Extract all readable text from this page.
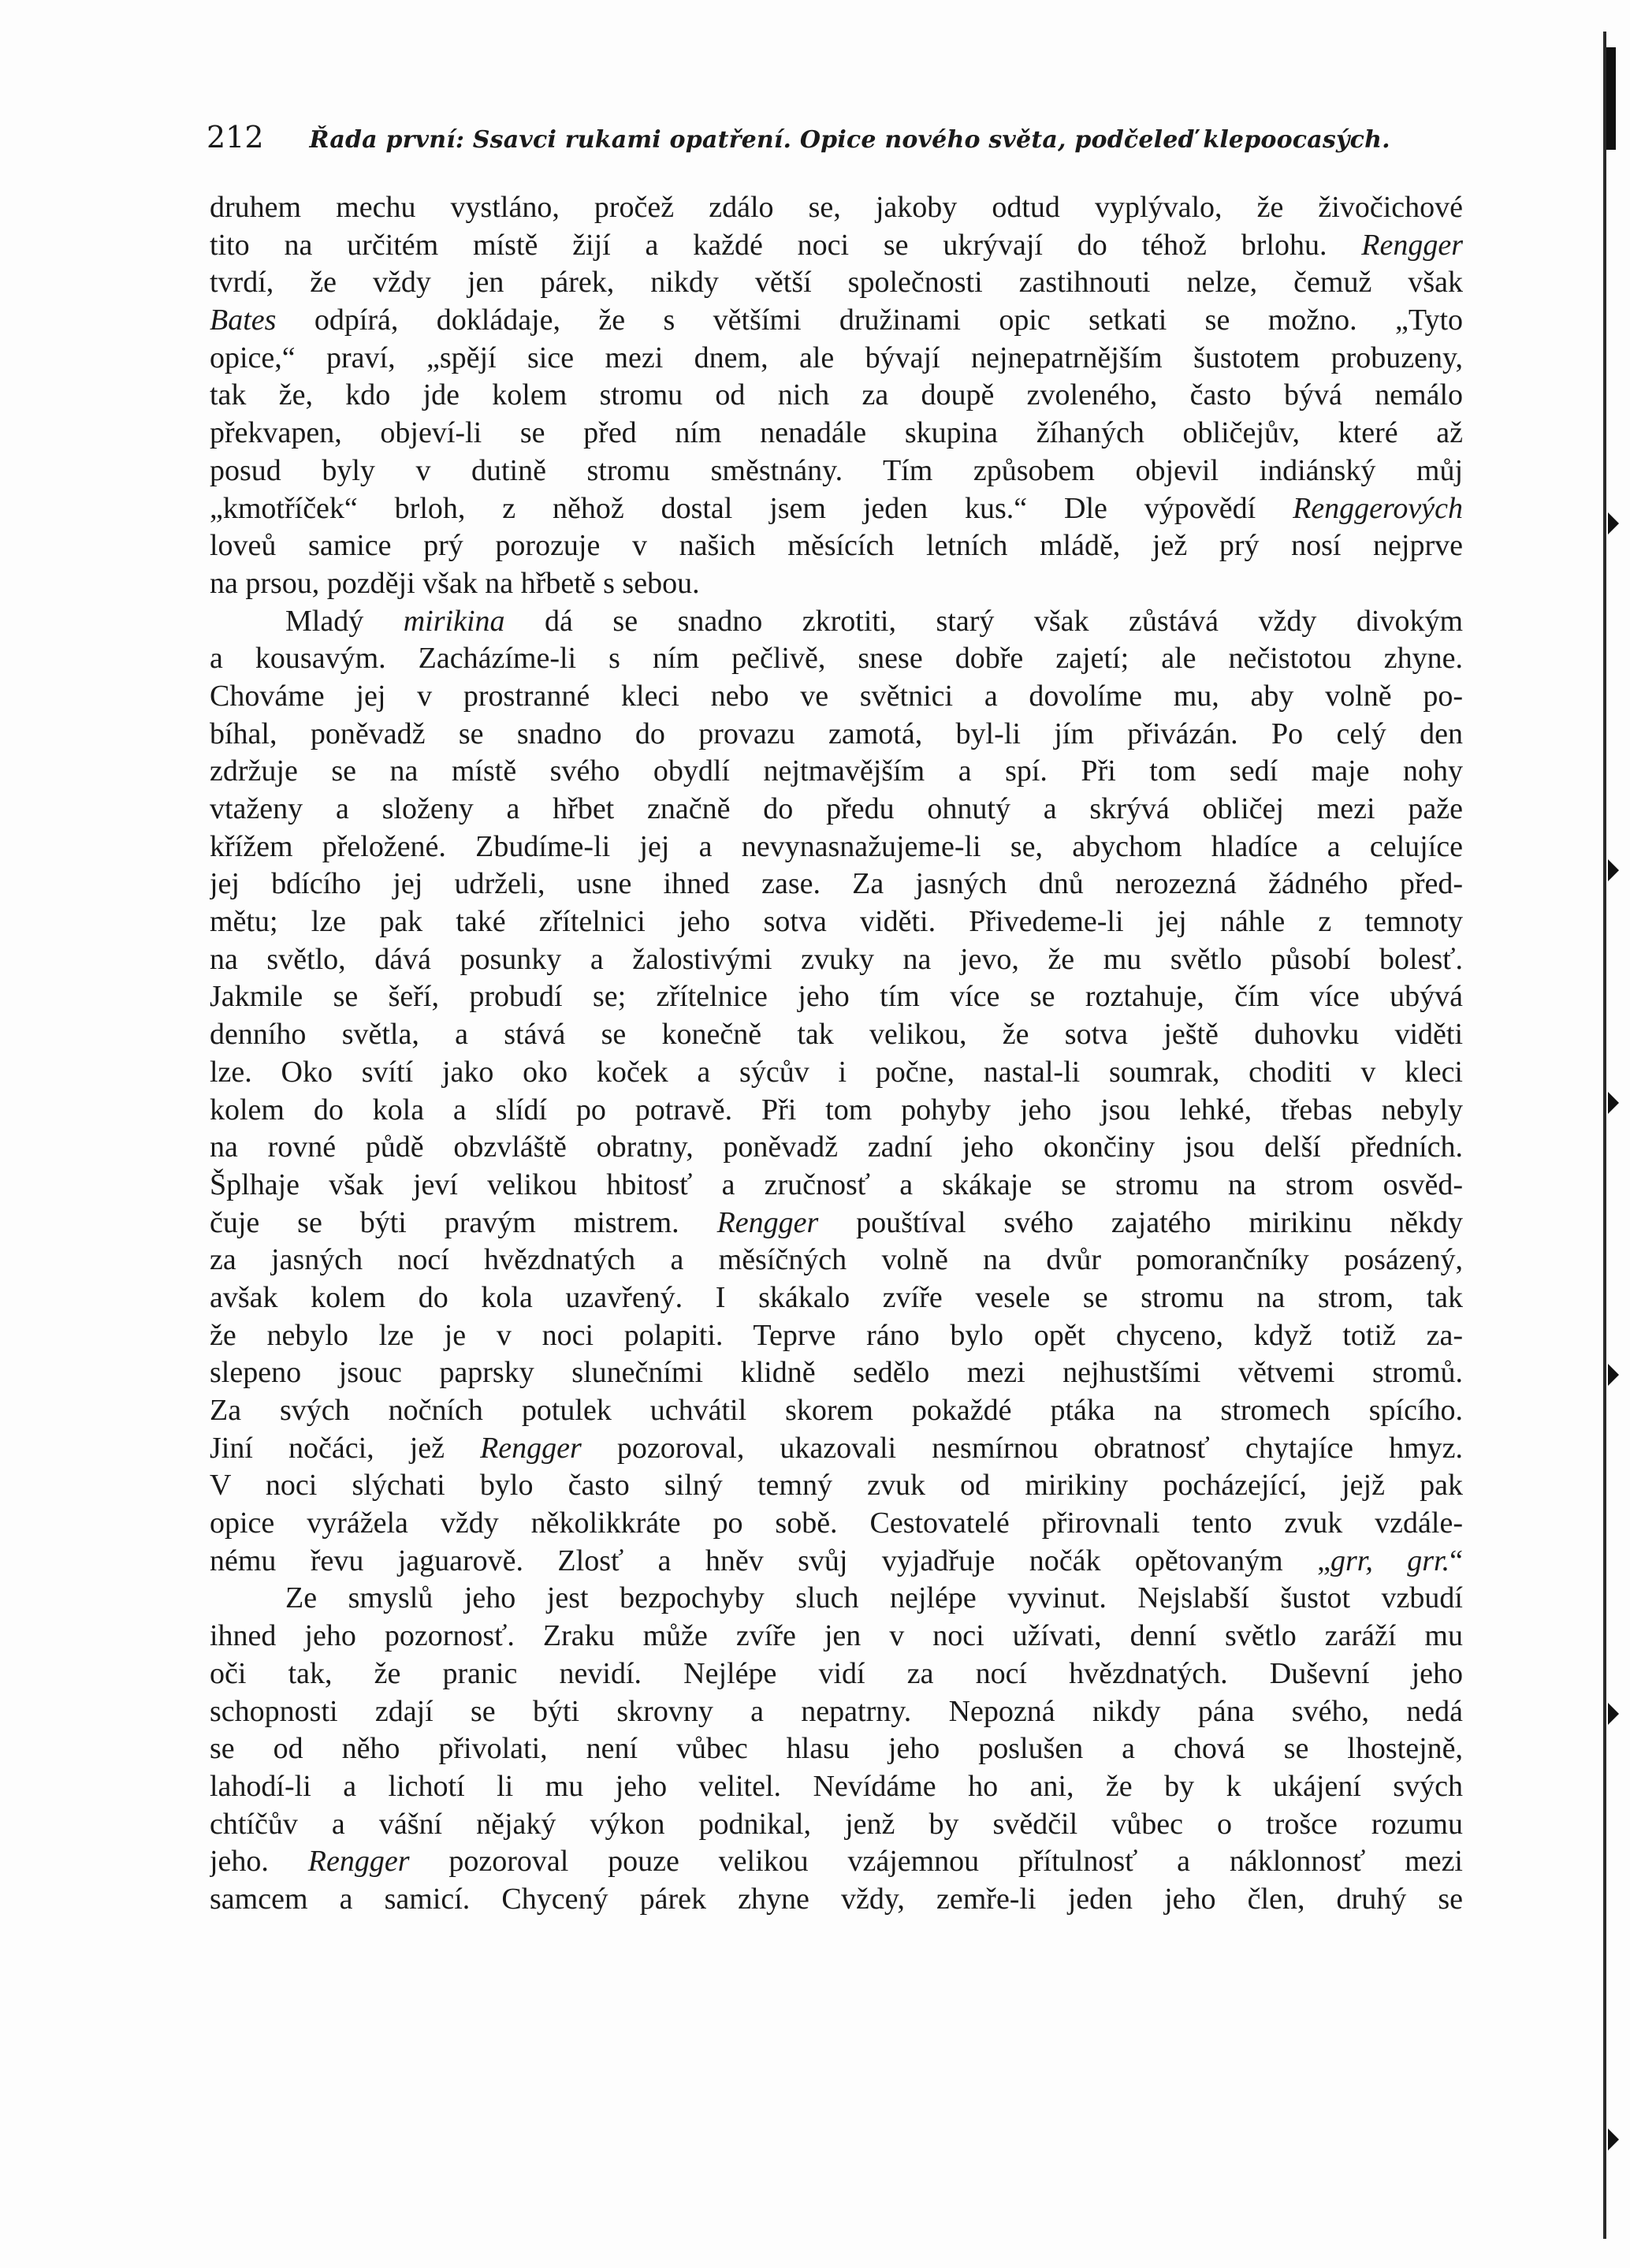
212 Řada první: Ssavci rukami opatření. Opice nového světa, podčeleď klepoocasých.
druhem mechu vystláno, pročež zdálo se, jakoby odtud vyplývalo, že živočichové
tito na určitém místě žijí a každé noci se ukrývají do téhož brlohu. Rengger
tvrdí, že vždy jen párek, nikdy větší společnosti zastihnouti nelze, čemuž však
Bates odpírá, dokládaje, že s většími družinami opic setkati se možno. „Tyto
opice,“ praví, „spějí sice mezi dnem, ale bývají nejnepatrnějším šustotem probuzeny,
tak že, kdo jde kolem stromu od nich za doupě zvoleného, často bývá nemálo
překvapen, objeví-li se před ním nenadále skupina žíhaných obličejův, které až
posud byly v dutině stromu směstnány. Tím způsobem objevil indiánský můj
„kmotříček“ brloh, z něhož dostal jsem jeden kus.“ Dle výpovědí Renggerových
loveů samice prý porozuje v našich měsících letních mládě, jež prý nosí nejprve
na prsou, později však na hřbetě s sebou.
Mladý mirikina dá se snadno zkrotiti, starý však zůstává vždy divokým
a kousavým. Zacházíme-li s ním pečlivě, snese dobře zajetí; ale nečistotou zhyne.
Chováme jej v prostranné kleci nebo ve světnici a dovolíme mu, aby volně po-
bíhal, poněvadž se snadno do provazu zamotá, byl-li jím přivázán. Po celý den
zdržuje se na místě svého obydlí nejtmavějším a spí. Při tom sedí maje nohy
vtaženy a složeny a hřbet značně do předu ohnutý a skrývá obličej mezi paže
křížem přeložené. Zbudíme-li jej a nevynasnažujeme-li se, abychom hladíce a celujíce
jej bdícího jej udrželi, usne ihned zase. Za jasných dnů nerozezná žádného před-
mětu; lze pak také zřítelnici jeho sotva viděti. Přivedeme-li jej náhle z temnoty
na světlo, dává posunky a žalostivými zvuky na jevo, že mu světlo působí bolesť.
Jakmile se šeří, probudí se; zřítelnice jeho tím více se roztahuje, čím více ubývá
denního světla, a stává se konečně tak velikou, že sotva ještě duhovku viděti
lze. Oko svítí jako oko koček a sýcův i počne, nastal-li soumrak, choditi v kleci
kolem do kola a slídí po potravě. Při tom pohyby jeho jsou lehké, třebas nebyly
na rovné půdě obzvláště obratny, poněvadž zadní jeho okončiny jsou delší předních.
Šplhaje však jeví velikou hbitosť a zručnosť a skákaje se stromu na strom osvěd-
čuje se býti pravým mistrem. Rengger pouštíval svého zajatého mirikinu někdy
za jasných nocí hvězdnatých a měsíčných volně na dvůr pomorančníky posázený,
avšak kolem do kola uzavřený. I skákalo zvíře vesele se stromu na strom, tak
že nebylo lze je v noci polapiti. Teprve ráno bylo opět chyceno, když totiž za-
slepeno jsouc paprsky slunečními klidně sedělo mezi nejhustšími větvemi stromů.
Za svých nočních potulek uchvátil skorem pokaždé ptáka na stromech spícího.
Jiní nočáci, jež Rengger pozoroval, ukazovali nesmírnou obratnosť chytajíce hmyz.
V noci slýchati bylo často silný temný zvuk od mirikiny pocházející, jejž pak
opice vyrážela vždy několikkráte po sobě. Cestovatelé přirovnali tento zvuk vzdále-
nému řevu jaguarově. Zlosť a hněv svůj vyjadřuje nočák opětovaným „grr, grr.“
Ze smyslů jeho jest bezpochyby sluch nejlépe vyvinut. Nejslabší šustot vzbudí
ihned jeho pozornosť. Zraku může zvíře jen v noci užívati, denní světlo zaráží mu
oči tak, že pranic nevidí. Nejlépe vidí za nocí hvězdnatých. Duševní jeho
schopnosti zdají se býti skrovny a nepatrny. Nepozná nikdy pána svého, nedá
se od něho přivolati, není vůbec hlasu jeho poslušen a chová se lhostejně,
lahodí-li a lichotí li mu jeho velitel. Nevídáme ho ani, že by k ukájení svých
chtíčův a vášní nějaký výkon podnikal, jenž by svědčil vůbec o trošce rozumu
jeho. Rengger pozoroval pouze velikou vzájemnou přítulnosť a náklonnosť mezi
samcem a samicí. Chycený párek zhyne vždy, zemře-li jeden jeho člen, druhý se
